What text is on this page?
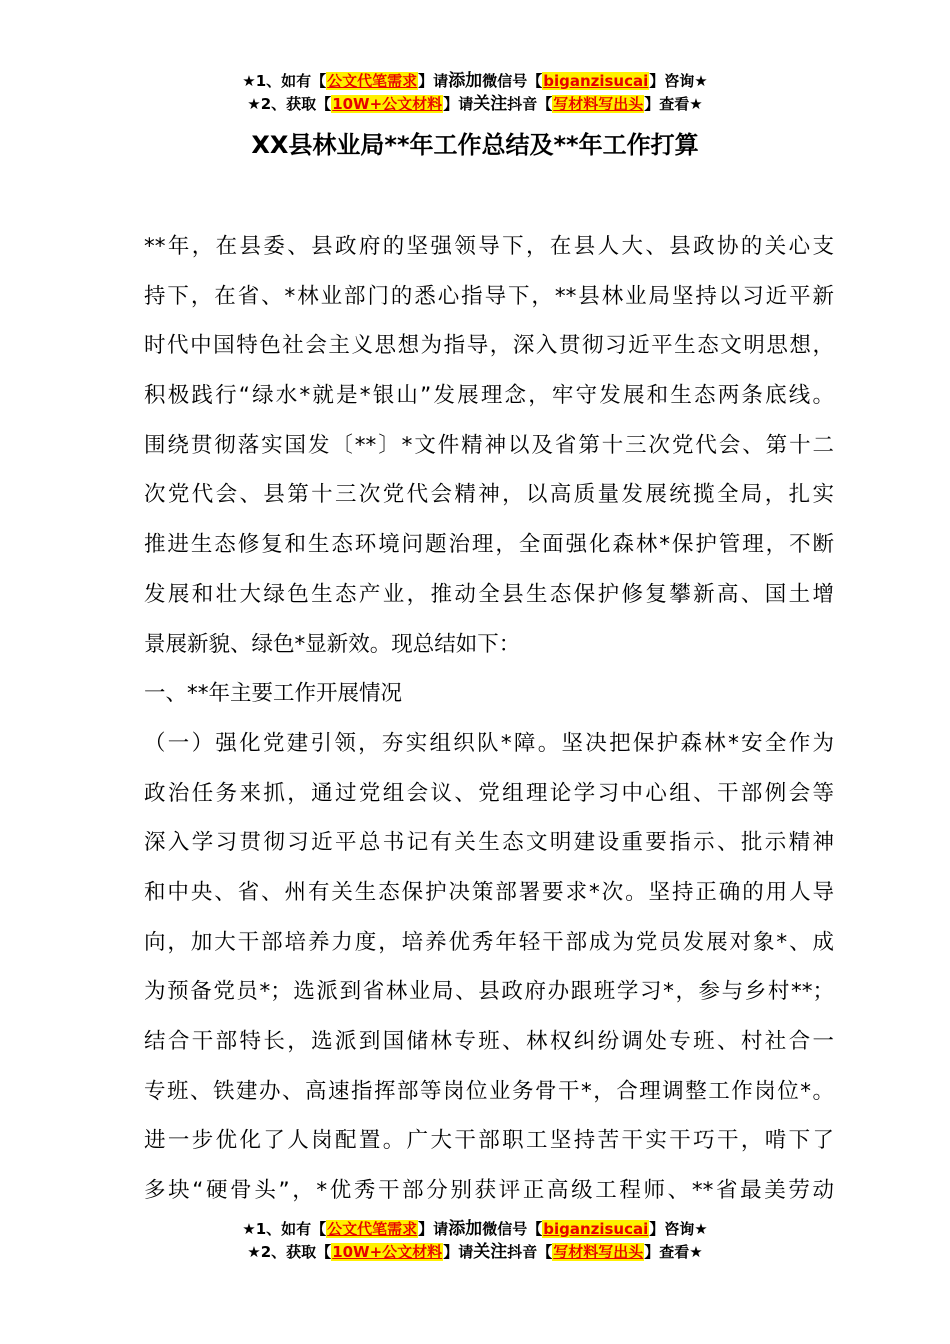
★1、如有【公文代笔需求】请添加微信号【biganzisucai】咨询★
★2、获取【10W+公文材料】请关注抖音【写材料写出头】查看★
XX县林业局**年工作总结及**年工作打算
**年，在县委、县政府的坚强领导下，在县人大、县政协的关心支
持下，在省、*林业部门的悉心指导下，**县林业局坚持以习近平新
时代中国特色社会主义思想为指导，深入贯彻习近平生态文明思想，
积极践行“绿水*就是*银山”发展理念，牢守发展和生态两条底线。
围绕贯彻落实国发〔**〕*文件精神以及省第十三次党代会、第十二
次党代会、县第十三次党代会精神，以高质量发展统揽全局，扎实
推进生态修复和生态环境问题治理，全面强化森林*保护管理，不断
发展和壮大绿色生态产业，推动全县生态保护修复攀新高、国土增
景展新貌、绿色*显新效。现总结如下：
一、**年主要工作开展情况
（一）强化党建引领，夯实组织队*障。坚决把保护森林*安全作为
政治任务来抓，通过党组会议、党组理论学习中心组、干部例会等
深入学习贯彻习近平总书记有关生态文明建设重要指示、批示精神
和中央、省、州有关生态保护决策部署要求*次。坚持正确的用人导
向，加大干部培养力度，培养优秀年轻干部成为党员发展对象*、成
为预备党员*；选派到省林业局、县政府办跟班学习*，参与乡村**；
结合干部特长，选派到国储林专班、林权纠纷调处专班、村社合一
专班、铁建办、高速指挥部等岗位业务骨干*，合理调整工作岗位*。
进一步优化了人岗配置。广大干部职工坚持苦干实干巧干，啃下了
多块“硬骨头”，*优秀干部分别获评正高级工程师、**省最美劳动
★1、如有【公文代笔需求】请添加微信号【biganzisucai】咨询★
★2、获取【10W+公文材料】请关注抖音【写材料写出头】查看★
